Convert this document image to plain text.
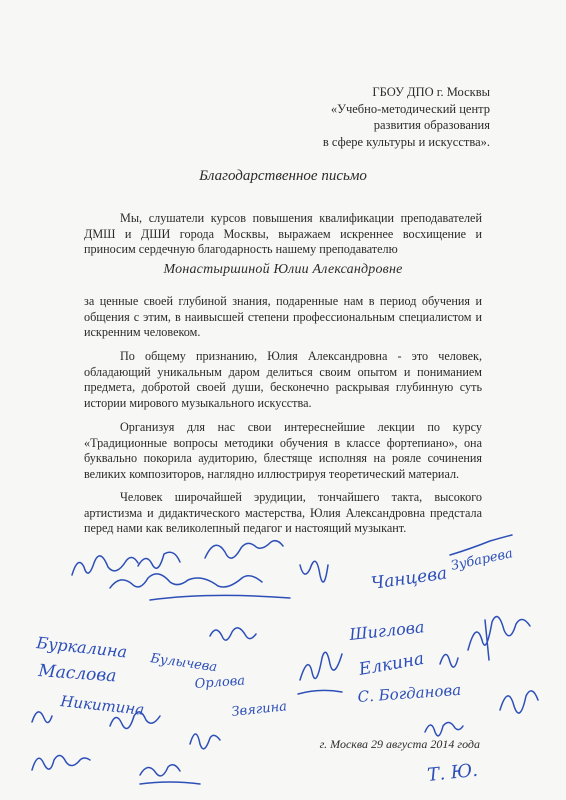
ГБОУ ДПО г. Москвы
«Учебно-методический центр
развития образования
в сфере культуры и искусства».
Благодарственное письмо
Мы, слушатели курсов повышения квалификации преподавателей ДМШ и ДШИ города Москвы, выражаем искреннее восхищение и приносим сердечную благодарность нашему преподавателю
Монастыршиной Юлии Александровне
за ценные своей глубиной знания, подаренные нам в период обучения и общения с этим, в наивысшей степени профессиональным специалистом и искренним человеком.
По общему признанию, Юлия Александровна - это человек, обладающий уникальным даром делиться своим опытом и пониманием предмета, добротой своей души, бесконечно раскрывая глубинную суть истории мирового музыкального искусства.
Организуя для нас свои интереснейшие лекции по курсу «Традиционные вопросы методики обучения в классе фортепиано», она буквально покорила аудиторию, блестяще исполняя на рояле сочинения великих композиторов, наглядно иллюстрируя теоретический материал.
Человек широчайшей эрудиции, тончайшего такта, высокого артистизма и дидактического мастерства, Юлия Александровна предстала перед нами как великолепный педагог и настоящий музыкант.
Чанцева
Зубарева
Буркалина
Шиглова
Маслова Булычева	Елкина
Никитина
Орлова	С. Богданова
Звягина
Т. Ю.
г. Москва 29 августа 2014 года
